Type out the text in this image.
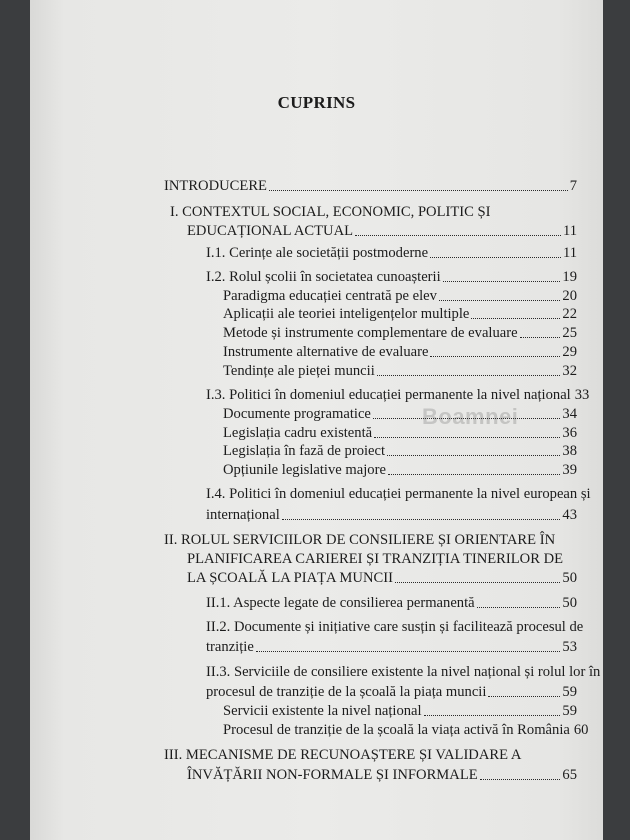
CUPRINS
Boamnei
INTRODUCERE	7
I. CONTEXTUL SOCIAL, ECONOMIC, POLITIC ȘI
EDUCAȚIONAL ACTUAL	11
I.1. Cerințe ale societății postmoderne	11
I.2. Rolul școlii în societatea cunoașterii	19
Paradigma educației centrată pe elev	20
Aplicații ale teoriei inteligențelor multiple	22
Metode și instrumente complementare de evaluare	25
Instrumente alternative de evaluare	29
Tendințe ale pieței muncii	32
I.3. Politici în domeniul educației permanente la nivel național 33
Documente programatice	34
Legislația cadru existentă	36
Legislația în fază de proiect	38
Opțiunile legislative majore	39
I.4. Politici în domeniul educației permanente la nivel european și
internațional	43
II. ROLUL SERVICIILOR DE CONSILIERE ȘI ORIENTARE ÎN
PLANIFICAREA CARIEREI ȘI TRANZIȚIA TINERILOR DE
LA ȘCOALĂ LA PIAȚA MUNCII	50
II.1. Aspecte legate de consilierea permanentă	50
II.2. Documente și inițiative care susțin și facilitează procesul de
tranziție	53
II.3. Serviciile de consiliere existente la nivel național și rolul lor în
procesul de tranziție de la școală la piața muncii	59
Servicii existente la nivel național	59
Procesul de tranziție de la școală la viața activă în România 60
III. MECANISME DE RECUNOAȘTERE ȘI VALIDARE A
ÎNVĂȚĂRII NON-FORMALE ȘI INFORMALE	65
